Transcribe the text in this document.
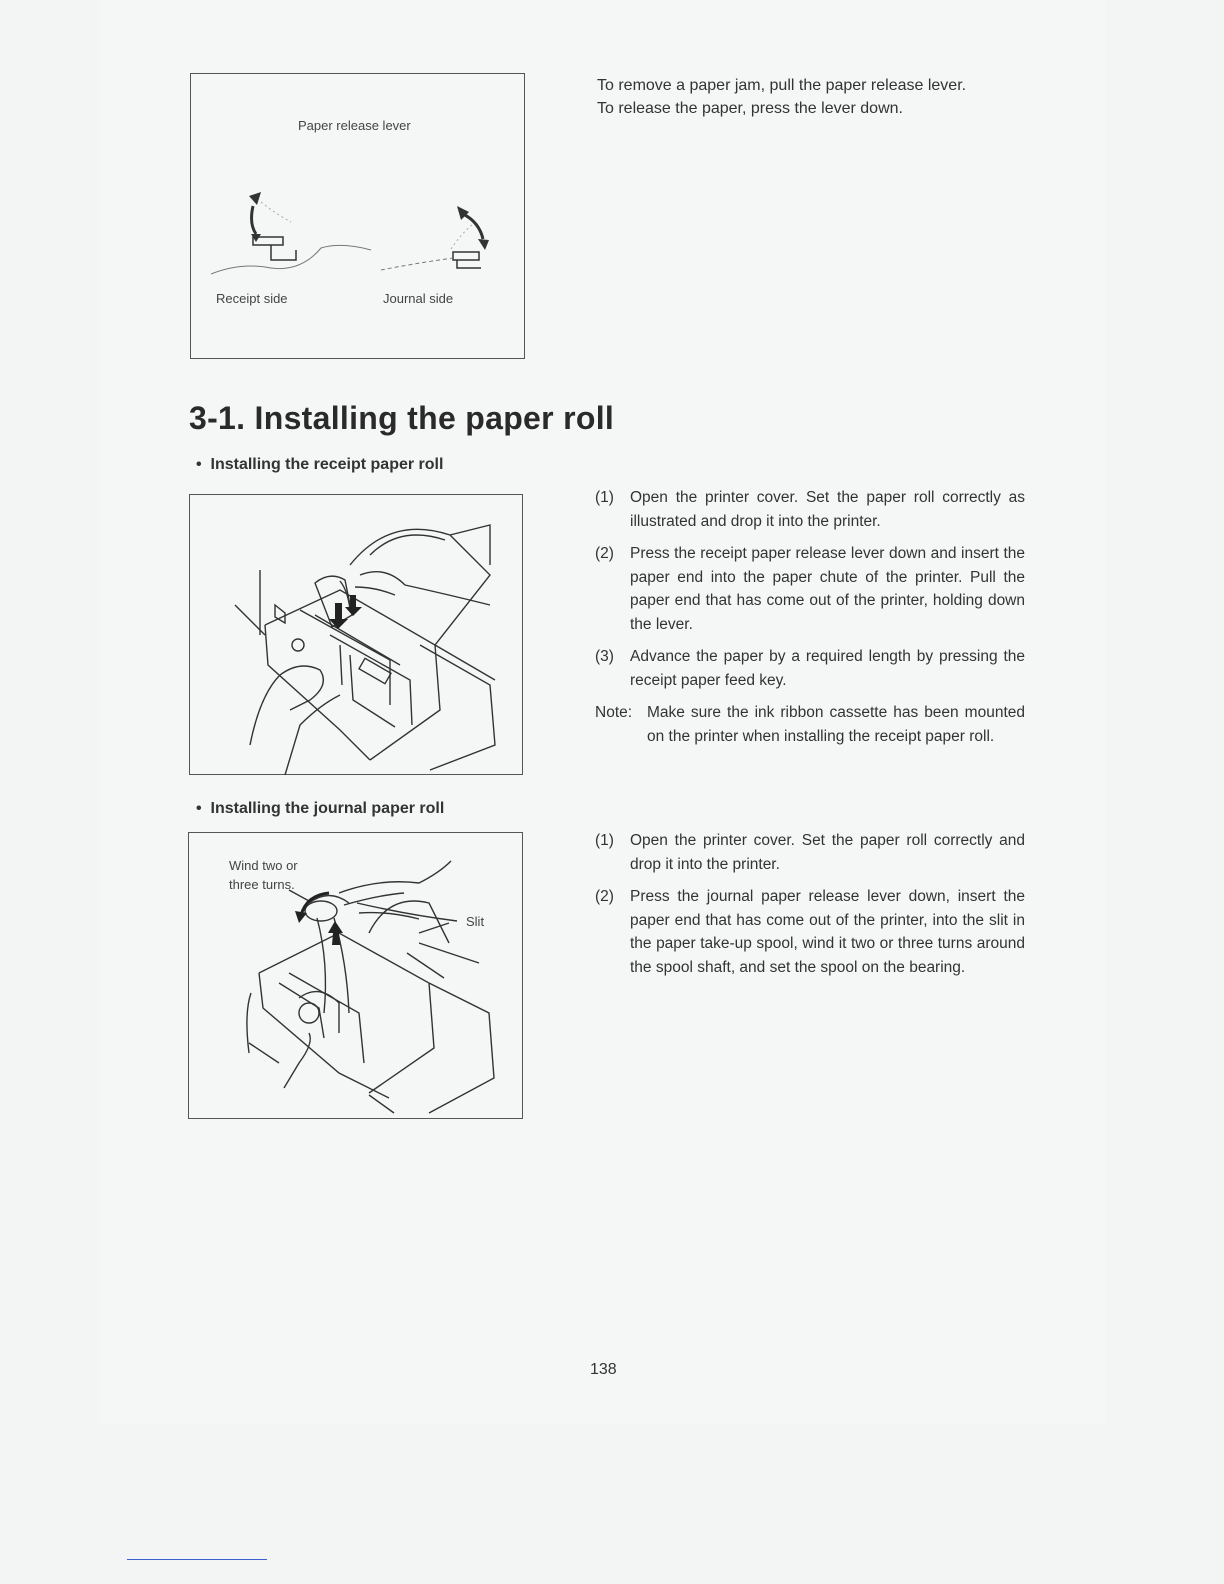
Paper release lever
Receipt side	Journal side

To remove a paper jam, pull the paper release lever.

To release the paper, press the lever down.

3-1. Installing the paper roll
•  Installing the receipt paper roll
(1) Open the printer cover. Set the paper roll correctly as illustrated and drop it into the printer.
(2) Press the receipt paper release lever down and insert the paper end into the paper chute of the printer. Pull the paper end that has come out of the printer, holding down the lever.
(3) Advance the paper by a required length by pressing the receipt paper feed key.
Note: Make sure the ink ribbon cassette has been mounted on the printer when installing the receipt paper roll.
•  Installing the journal paper roll
Wind two or
three turns.
Slit
(1) Open the printer cover. Set the paper roll correctly and drop it into the printer.
(2) Press the journal paper release lever down, insert the paper end that has come out of the printer, into the slit in the paper take-up spool, wind it two or three turns around the spool shaft, and set the spool on the bearing.
138
